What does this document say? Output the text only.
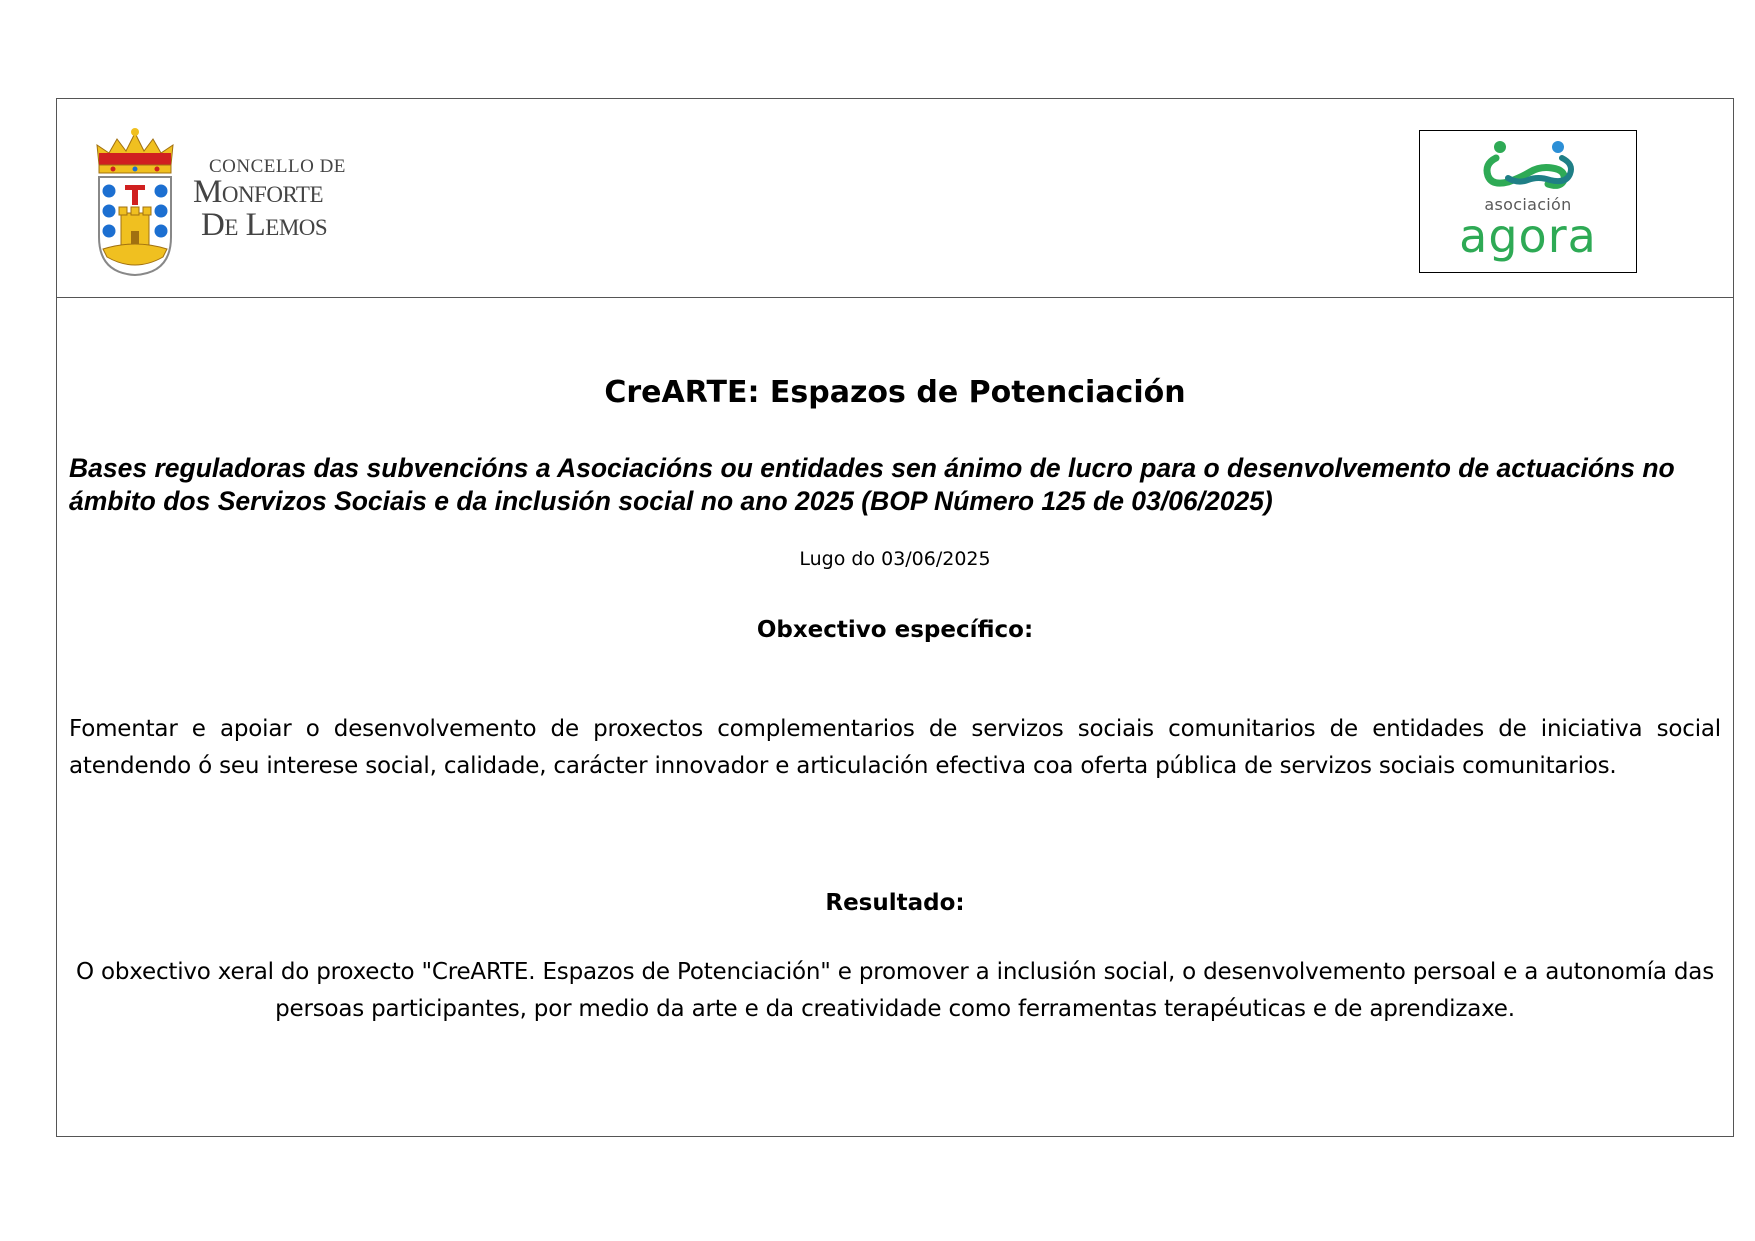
CONCELLO DE
Monforte
De Lemos
asociación
agora
CreARTE: Espazos de Potenciación
Bases reguladoras das subvencións a Asociacións ou entidades sen ánimo de lucro para o desenvolvemento de actuacións no ámbito dos Servizos Sociais e da inclusión social no ano 2025 (BOP Número 125 de 03/06/2025)
Lugo do 03/06/2025
Obxectivo específico:
Fomentar e apoiar o desenvolvemento de proxectos complementarios de servizos sociais comunitarios de entidades de iniciativa social atendendo ó seu interese social, calidade, carácter innovador e articulación efectiva coa oferta pública de servizos sociais comunitarios.
Resultado:
O obxectivo xeral do proxecto "CreARTE. Espazos de Potenciación" e promover a inclusión social, o desenvolvemento persoal e a autonomía das persoas participantes, por medio da arte e da creatividade como ferramentas terapéuticas e de aprendizaxe.
